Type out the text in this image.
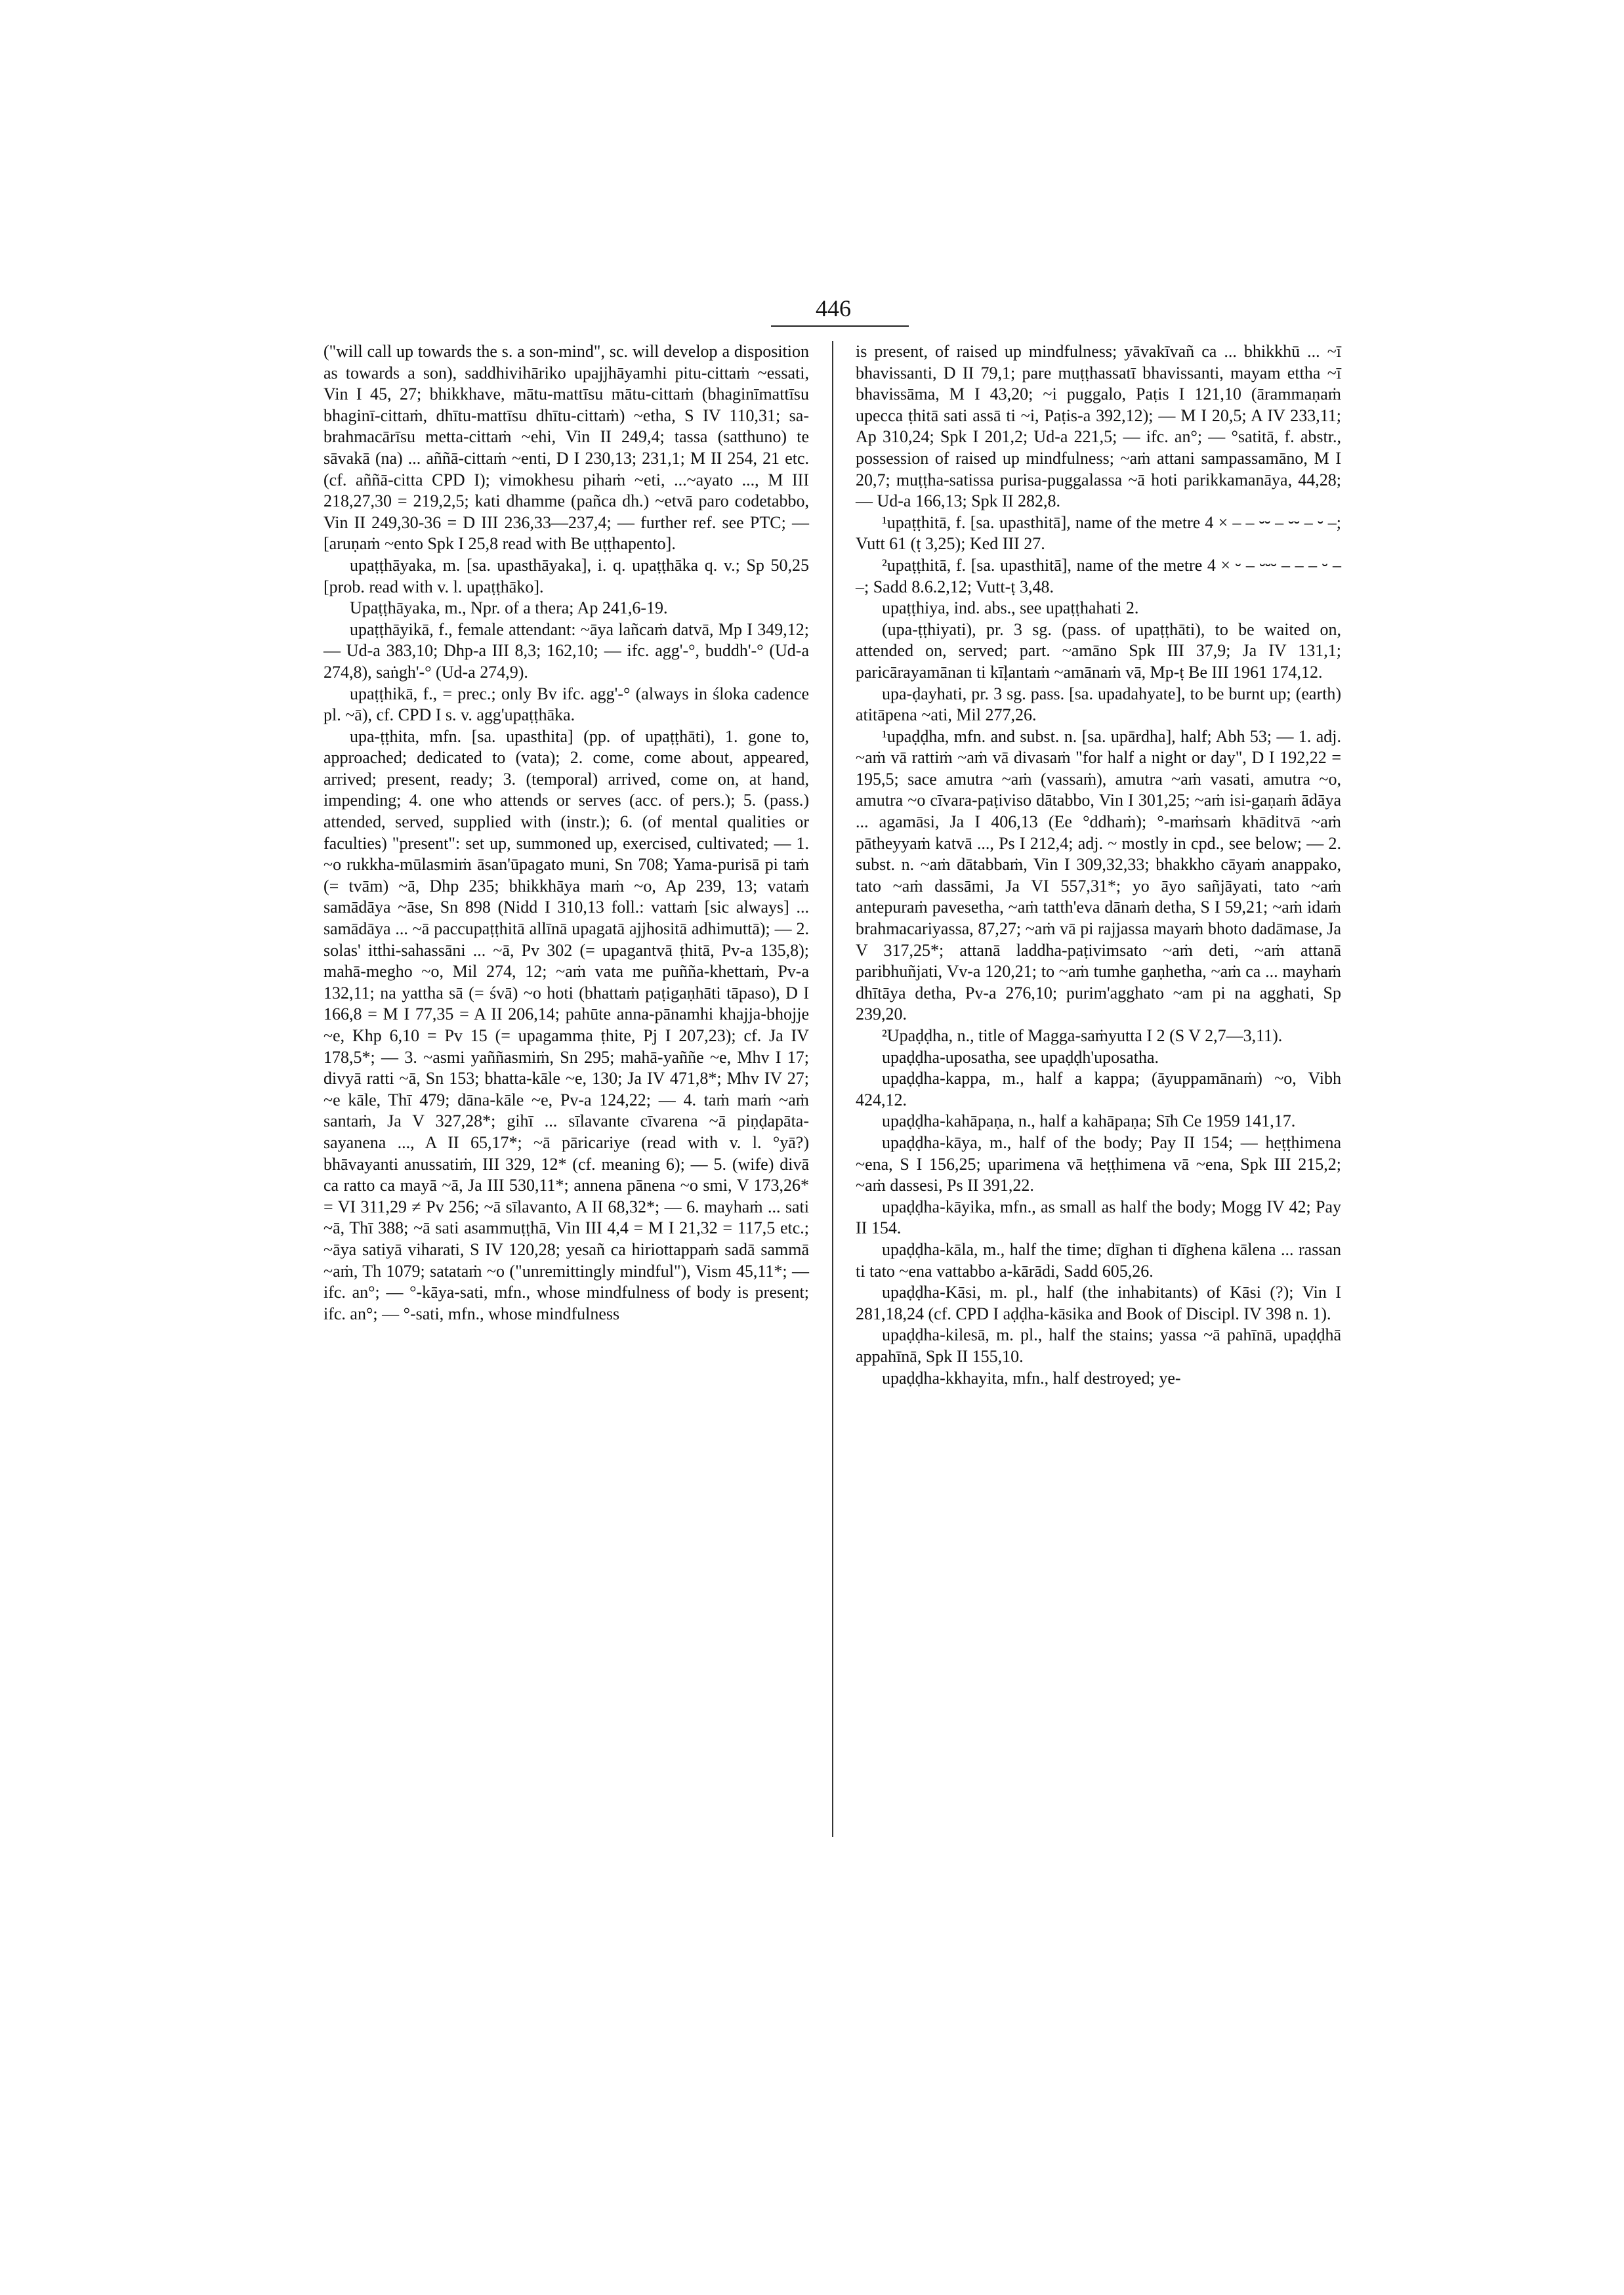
446

("will call up towards the s. a son-mind", sc. will develop a disposition as towards a son), saddhivihāriko upajjhāyamhi pitu-cittaṁ ~essati, Vin I 45, 27; bhikkhave, mātu-mattīsu mātu-cittaṁ (bhaginīmattīsu bhaginī-cittaṁ, dhītu-mattīsu dhītu-cittaṁ) ~etha, S IV 110,31; sa-brahmacārīsu metta-cittaṁ ~ehi, Vin II 249,4; tassa (satthuno) te sāvakā (na) ... aññā-cittaṁ ~enti, D I 230,13; 231,1; M II 254, 21 etc. (cf. aññā-citta CPD I); vimokhesu pihaṁ ~eti, ...~ayato ..., M III 218,27,30 = 219,2,5; kati dhamme (pañca dh.) ~etvā paro codetabbo, Vin II 249,30-36 = D III 236,33—237,4; — further ref. see PTC; — [aruṇaṁ ~ento Spk I 25,8 read with Be uṭṭhapento].

upaṭṭhāyaka, m. [sa. upasthāyaka], i. q. upaṭṭhāka q. v.; Sp 50,25 [prob. read with v. l. upaṭṭhāko].

Upaṭṭhāyaka, m., Npr. of a thera; Ap 241,6-19.

upaṭṭhāyikā, f., female attendant: ~āya lañcaṁ datvā, Mp I 349,12; — Ud-a 383,10; Dhp-a III 8,3; 162,10; — ifc. agg'-°, buddh'-° (Ud-a 274,8), saṅgh'-° (Ud-a 274,9).

upaṭṭhikā, f., = prec.; only Bv ifc. agg'-° (always in śloka cadence pl. ~ā), cf. CPD I s. v. agg'upaṭṭhāka.

upa-ṭṭhita, mfn. [sa. upasthita] (pp. of upaṭṭhāti), 1. gone to, approached; dedicated to (vata); 2. come, come about, appeared, arrived; present, ready; 3. (temporal) arrived, come on, at hand, impending; 4. one who attends or serves (acc. of pers.); 5. (pass.) attended, served, supplied with (instr.); 6. (of mental qualities or faculties) "present": set up, summoned up, exercised, cultivated; — 1. ~o rukkha-mūlasmiṁ āsan'ūpagato muni, Sn 708; Yama-purisā pi taṁ (= tvām) ~ā, Dhp 235; bhikkhāya maṁ ~o, Ap 239, 13; vataṁ samādāya ~āse, Sn 898 (Nidd I 310,13 foll.: vattaṁ [sic always] ... samādāya ... ~ā paccupaṭṭhitā allīnā upagatā ajjhositā adhimuttā); — 2. solas' itthi-sahassāni ... ~ā, Pv 302 (= upagantvā ṭhitā, Pv-a 135,8); mahā-megho ~o, Mil 274, 12; ~aṁ vata me puñña-khettaṁ, Pv-a 132,11; na yattha sā (= śvā) ~o hoti (bhattaṁ paṭigaṇhāti tāpaso), D I 166,8 = M I 77,35 = A II 206,14; pahūte anna-pānamhi khajja-bhojje ~e, Khp 6,10 = Pv 15 (= upagamma ṭhite, Pj I 207,23); cf. Ja IV 178,5*; — 3. ~asmi yaññasmiṁ, Sn 295; mahā-yaññe ~e, Mhv I 17; divyā ratti ~ā, Sn 153; bhatta-kāle ~e, 130; Ja IV 471,8*; Mhv IV 27; ~e kāle, Thī 479; dāna-kāle ~e, Pv-a 124,22; — 4. taṁ maṁ ~aṁ santaṁ, Ja V 327,28*; gihī ... sīlavante cīvarena ~ā piṇḍapāta-sayanena ..., A II 65,17*; ~ā pāricariye (read with v. l. °yā?) bhāvayanti anussatiṁ, III 329, 12* (cf. meaning 6); — 5. (wife) divā ca ratto ca mayā ~ā, Ja III 530,11*; annena pānena ~o smi, V 173,26* = VI 311,29 ≠ Pv 256; ~ā sīlavanto, A II 68,32*; — 6. mayhaṁ ... sati ~ā, Thī 388; ~ā sati asammuṭṭhā, Vin III 4,4 = M I 21,32 = 117,5 etc.; ~āya satiyā viharati, S IV 120,28; yesañ ca hiriottappaṁ sadā sammā ~aṁ, Th 1079; satataṁ ~o ("unremittingly mindful"), Vism 45,11*; — ifc. an°; — °-kāya-sati, mfn., whose mindfulness of body is present; ifc. an°; — °-sati, mfn., whose mindfulness

is present, of raised up mindfulness; yāvakīvañ ca ... bhikkhū ... ~ī bhavissanti, D II 79,1; pare muṭṭhassatī bhavissanti, mayam ettha ~ī bhavissāma, M I 43,20; ~i puggalo, Paṭis I 121,10 (ārammaṇaṁ upecca ṭhitā sati assā ti ~i, Paṭis-a 392,12); — M I 20,5; A IV 233,11; Ap 310,24; Spk I 201,2; Ud-a 221,5; — ifc. an°; — °satitā, f. abstr., possession of raised up mindfulness; ~aṁ attani sampassamāno, M I 20,7; muṭṭha-satissa purisa-puggalassa ~ā hoti parikkamanāya, 44,28; — Ud-a 166,13; Spk II 282,8.

¹upaṭṭhitā, f. [sa. upasthitā], name of the metre 4 × – – ⏑⏑ – ⏑⏑ – ⏑ –; Vutt 61 (ṭ 3,25); Ked III 27.

²upaṭṭhitā, f. [sa. upasthitā], name of the metre 4 × ⏑ – ⏑⏑⏑ – – – ⏑ – –; Sadd 8.6.2,12; Vutt-ṭ 3,48.

upaṭṭhiya, ind. abs., see upaṭṭhahati 2.

(upa-ṭṭhiyati), pr. 3 sg. (pass. of upaṭṭhāti), to be waited on, attended on, served; part. ~amāno Spk III 37,9; Ja IV 131,1; paricārayamānan ti kīḷantaṁ ~amānaṁ vā, Mp-ṭ Be III 1961 174,12.

upa-ḍayhati, pr. 3 sg. pass. [sa. upadahyate], to be burnt up; (earth) atitāpena ~ati, Mil 277,26.

¹upaḍḍha, mfn. and subst. n. [sa. upārdha], half; Abh 53; — 1. adj. ~aṁ vā rattiṁ ~aṁ vā divasaṁ "for half a night or day", D I 192,22 = 195,5; sace amutra ~aṁ (vassaṁ), amutra ~aṁ vasati, amutra ~o, amutra ~o cīvara-paṭiviso dātabbo, Vin I 301,25; ~aṁ isi-gaṇaṁ ādāya ... agamāsi, Ja I 406,13 (Ee °ddhaṁ); °-maṁsaṁ khāditvā ~aṁ pātheyyaṁ katvā ..., Ps I 212,4; adj. ~ mostly in cpd., see below; — 2. subst. n. ~aṁ dātabbaṁ, Vin I 309,32,33; bhakkho cāyaṁ anappako, tato ~aṁ dassāmi, Ja VI 557,31*; yo āyo sañjāyati, tato ~aṁ antepuraṁ pavesetha, ~aṁ tatth'eva dānaṁ detha, S I 59,21; ~aṁ idaṁ brahmacariyassa, 87,27; ~aṁ vā pi rajjassa mayaṁ bhoto dadāmase, Ja V 317,25*; attanā laddha-paṭivimsato ~aṁ deti, ~aṁ attanā paribhuñjati, Vv-a 120,21; to ~aṁ tumhe gaṇhetha, ~aṁ ca ... mayhaṁ dhītāya detha, Pv-a 276,10; purim'agghato ~am pi na agghati, Sp 239,20.

²Upaḍḍha, n., title of Magga-saṁyutta I 2 (S V 2,7—3,11).

upaḍḍha-uposatha, see upaḍḍh'uposatha.

upaḍḍha-kappa, m., half a kappa; (āyuppamānaṁ) ~o, Vibh 424,12.

upaḍḍha-kahāpaṇa, n., half a kahāpaṇa; Sīh Ce 1959 141,17.

upaḍḍha-kāya, m., half of the body; Pay II 154; — heṭṭhimena ~ena, S I 156,25; uparimena vā heṭṭhimena vā ~ena, Spk III 215,2; ~aṁ dassesi, Ps II 391,22.

upaḍḍha-kāyika, mfn., as small as half the body; Mogg IV 42; Pay II 154.

upaḍḍha-kāla, m., half the time; dīghan ti dīghena kālena ... rassan ti tato ~ena vattabbo a-kārādi, Sadd 605,26.

upaḍḍha-Kāsi, m. pl., half (the inhabitants) of Kāsi (?); Vin I 281,18,24 (cf. CPD I aḍḍha-kāsika and Book of Discipl. IV 398 n. 1).

upaḍḍha-kilesā, m. pl., half the stains; yassa ~ā pahīnā, upaḍḍhā appahīnā, Spk II 155,10.

upaḍḍha-kkhayita, mfn., half destroyed; ye-
